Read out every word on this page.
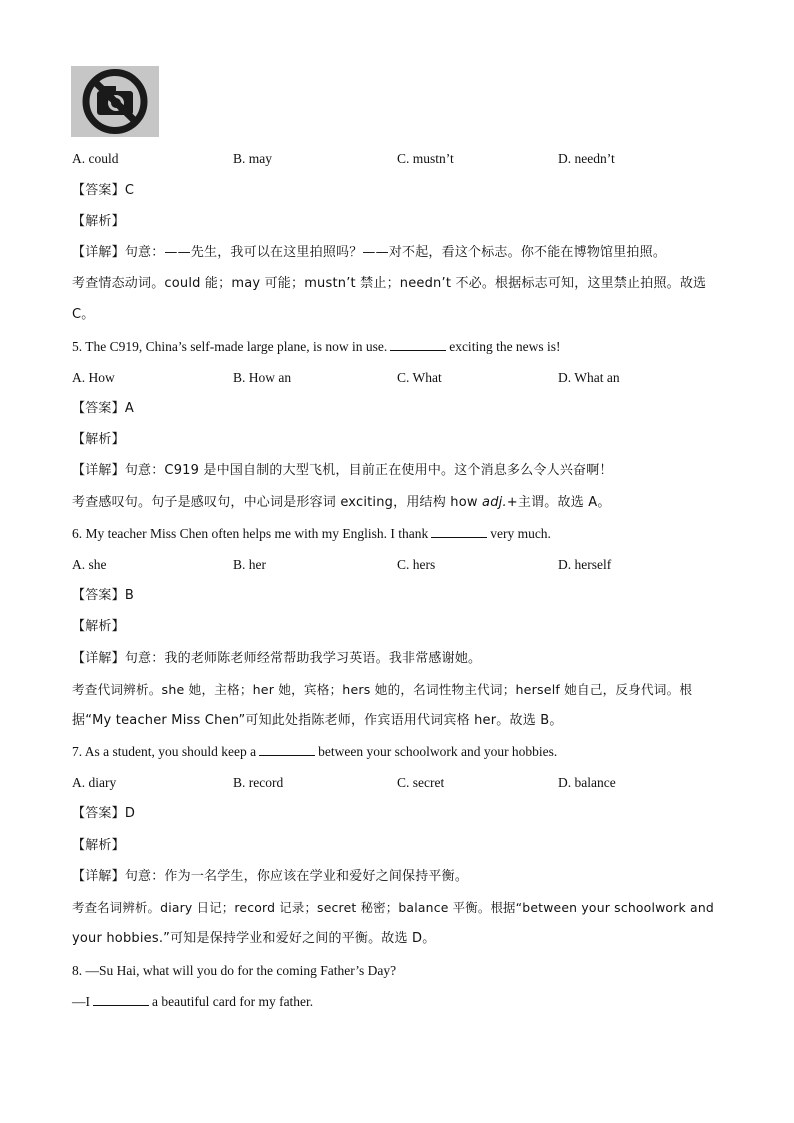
A. could	B. may	C. mustn’t	D. needn’t
【答案】C
【解析】
【详解】句意：——先生，我可以在这里拍照吗？——对不起，看这个标志。你不能在博物馆里拍照。
考查情态动词。could 能；may 可能；mustn’t 禁止；needn’t 不必。根据标志可知，这里禁止拍照。故选
C。
5. The C919, China’s self-made large plane, is now in use.	exciting the news is!
A. How	B. How an	C. What	D. What an
【答案】A
【解析】
【详解】句意：C919 是中国自制的大型飞机，目前正在使用中。这个消息多么令人兴奋啊！
考查感叹句。句子是感叹句，中心词是形容词 exciting，用结构 how adj.+主谓。故选 A。
6. My teacher Miss Chen often helps me with my English. I thank	very much.
A. she	B. her	C. hers	D. herself
【答案】B
【解析】
【详解】句意：我的老师陈老师经常帮助我学习英语。我非常感谢她。
考查代词辨析。she 她，主格；her 她，宾格；hers 她的，名词性物主代词；herself 她自己，反身代词。根
据“My teacher Miss Chen”可知此处指陈老师，作宾语用代词宾格 her。故选 B。
7. As a student, you should keep a	between your schoolwork and your hobbies.
A. diary	B. record	C. secret	D. balance
【答案】D
【解析】
【详解】句意：作为一名学生，你应该在学业和爱好之间保持平衡。
考查名词辨析。diary 日记；record 记录；secret 秘密；balance 平衡。根据“between your schoolwork and
your hobbies.”可知是保持学业和爱好之间的平衡。故选 D。
8. —Su Hai, what will you do for the coming Father’s Day?
—I	a beautiful card for my father.
